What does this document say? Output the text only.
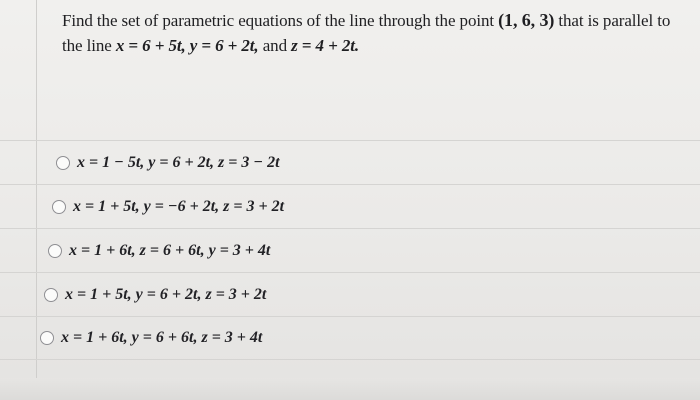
Find the set of parametric equations of the line through the point (1, 6, 3) that is parallel to
the line x = 6 + 5t, y = 6 + 2t, and z = 4 + 2t.
x = 1 − 5t, y = 6 + 2t, z = 3 − 2t
x = 1 + 5t, y = −6 + 2t, z = 3 + 2t
x = 1 + 6t, z = 6 + 6t, y = 3 + 4t
x = 1 + 5t, y = 6 + 2t, z = 3 + 2t
x = 1 + 6t, y = 6 + 6t, z = 3 + 4t
